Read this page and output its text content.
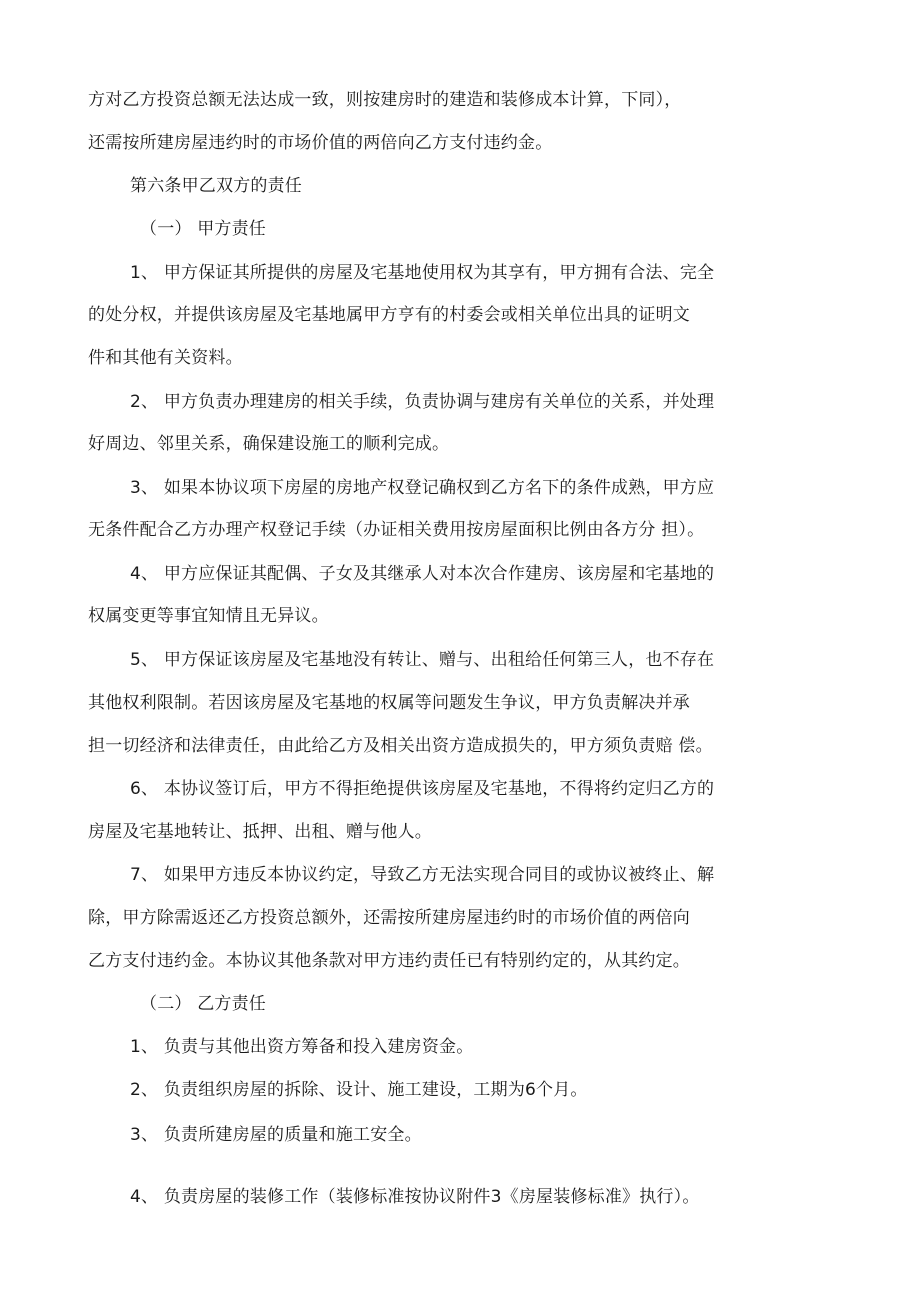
方对乙方投资总额无法达成一致，则按建房时的建造和装修成本计算，下同），
还需按所建房屋违约时的市场价值的两倍向乙方支付违约金。
第六条甲乙双方的责任
（一） 甲方责任
1、 甲方保证其所提供的房屋及宅基地使用权为其享有，甲方拥有合法、完全
的处分权，并提供该房屋及宅基地属甲方亨有的村委会或相关单位出具的证明文
件和其他有关资料。
2、 甲方负责办理建房的相关手续，负责协调与建房有关单位的关系，并处理
好周边、邻里关系，确保建设施工的顺利完成。
3、 如果本协议项下房屋的房地产权登记确权到乙方名下的条件成熟，甲方应
无条件配合乙方办理产权登记手续（办证相关费用按房屋面积比例由各方分 担）。
4、 甲方应保证其配偶、子女及其继承人对本次合作建房、该房屋和宅基地的
权属变更等事宜知情且无异议。
5、 甲方保证该房屋及宅基地没有转让、赠与、出租给任何第三人，也不存在
其他权利限制。若因该房屋及宅基地的权属等问题发生争议，甲方负责解决并承
担一切经济和法律责任，由此给乙方及相关出资方造成损失的，甲方须负责赔 偿。
6、 本协议签订后，甲方不得拒绝提供该房屋及宅基地，不得将约定归乙方的
房屋及宅基地转让、抵押、出租、赠与他人。
7、 如果甲方违反本协议约定，导致乙方无法实现合同目的或协议被终止、解
除，甲方除需返还乙方投资总额外，还需按所建房屋违约时的市场价值的两倍向
乙方支付违约金。本协议其他条款对甲方违约责任已有特别约定的，从其约定。
（二） 乙方责任
1、 负责与其他出资方筹备和投入建房资金。
2、 负责组织房屋的拆除、设计、施工建设，工期为6个月。
3、 负责所建房屋的质量和施工安全。
4、 负责房屋的装修工作（装修标准按协议附件3《房屋装修标准》执行）。
